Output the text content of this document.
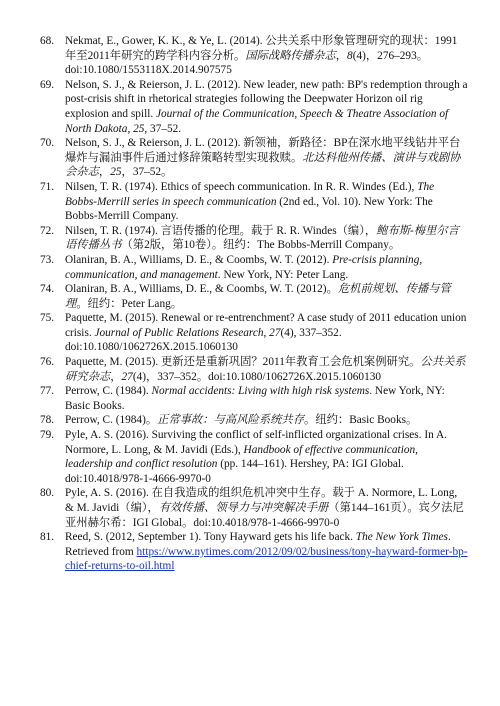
68. Nekmat, E., Gower, K. K., & Ye, L. (2014). 公共关系中形象管理研究的现状：1991年至2011年研究的跨学科内容分析。国际战略传播杂志，8(4)，276–293。doi:10.1080/1553118X.2014.907575
69. Nelson, S. J., & Reierson, J. L. (2012). New leader, new path: BP's redemption through a post-crisis shift in rhetorical strategies following the Deepwater Horizon oil rig explosion and spill. Journal of the Communication, Speech & Theatre Association of North Dakota, 25, 37–52.
70. Nelson, S. J., & Reierson, J. L. (2012). 新领袖，新路径：BP在深水地平线钻井平台爆炸与漏油事件后通过修辞策略转型实现救赎。北达科他州传播、演讲与戏剧协会杂志，25，37–52。
71. Nilsen, T. R. (1974). Ethics of speech communication. In R. R. Windes (Ed.), The Bobbs-Merrill series in speech communication (2nd ed., Vol. 10). New York: The Bobbs-Merrill Company.
72. Nilsen, T. R. (1974). 言语传播的伦理。载于 R. R. Windes（编），鲍布斯-梅里尔言语传播丛书（第2版，第10卷）。纽约：The Bobbs-Merrill Company。
73. Olaniran, B. A., Williams, D. E., & Coombs, W. T. (2012). Pre-crisis planning, communication, and management. New York, NY: Peter Lang.
74. Olaniran, B. A., Williams, D. E., & Coombs, W. T. (2012)。危机前规划、传播与管理。纽约：Peter Lang。
75. Paquette, M. (2015). Renewal or re-entrenchment? A case study of 2011 education union crisis. Journal of Public Relations Research, 27(4), 337–352. doi:10.1080/1062726X.2015.1060130
76. Paquette, M. (2015). 更新还是重新巩固？2011年教育工会危机案例研究。公共关系研究杂志，27(4)，337–352。doi:10.1080/1062726X.2015.1060130
77. Perrow, C. (1984). Normal accidents: Living with high risk systems. New York, NY: Basic Books.
78. Perrow, C. (1984)。正常事故：与高风险系统共存。纽约：Basic Books。
79. Pyle, A. S. (2016). Surviving the conflict of self-inflicted organizational crises. In A. Normore, L. Long, & M. Javidi (Eds.), Handbook of effective communication, leadership and conflict resolution (pp. 144–161). Hershey, PA: IGI Global. doi:10.4018/978-1-4666-9970-0
80. Pyle, A. S. (2016). 在自我造成的组织危机冲突中生存。载于 A. Normore, L. Long, & M. Javidi（编），有效传播、领导力与冲突解决手册（第144–161页）。宾夕法尼亚州赫尔希：IGI Global。doi:10.4018/978-1-4666-9970-0
81. Reed, S. (2012, September 1). Tony Hayward gets his life back. The New York Times. Retrieved from https://www.nytimes.com/2012/09/02/business/tony-hayward-former-bp-chief-returns-to-oil.html
